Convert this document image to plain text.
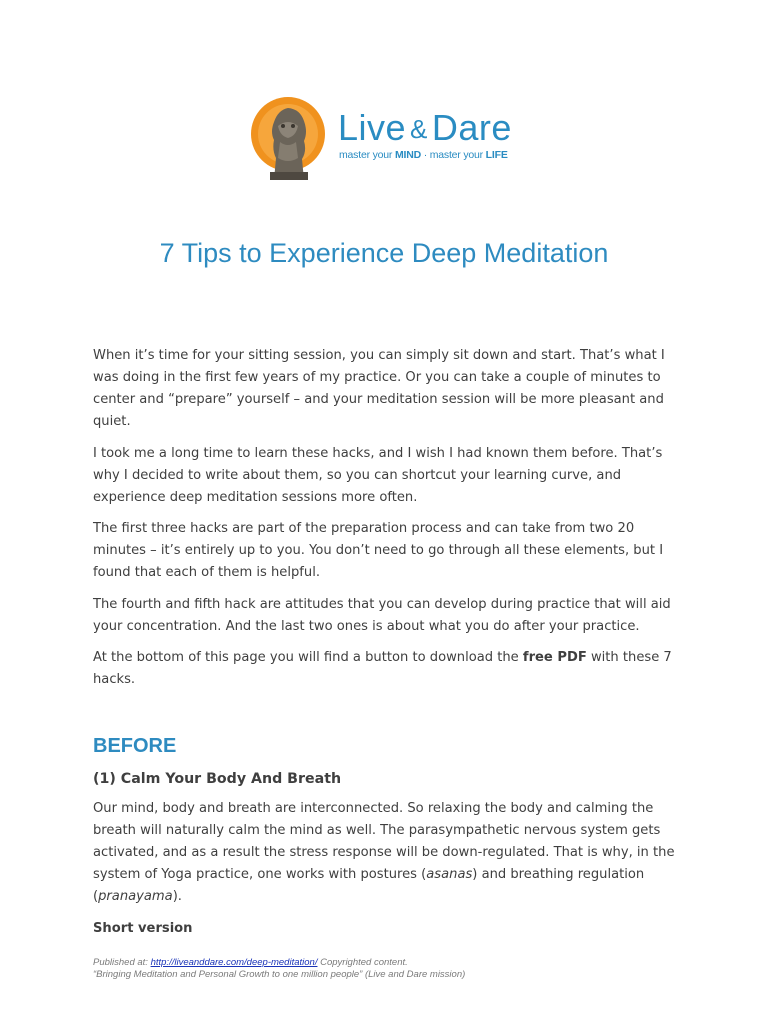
Live & Dare
master your MIND · master your LIFE
7 Tips to Experience Deep Meditation

When it’s time for your sitting session, you can simply sit down and start. That’s what I was doing in the first few years of my practice. Or you can take a couple of minutes to center and “prepare” yourself – and your meditation session will be more pleasant and quiet.

I took me a long time to learn these hacks, and I wish I had known them before. That’s why I decided to write about them, so you can shortcut your learning curve, and experience deep meditation sessions more often.

The first three hacks are part of the preparation process and can take from two 20 minutes – it’s entirely up to you. You don’t need to go through all these elements, but I found that each of them is helpful.

The fourth and fifth hack are attitudes that you can develop during practice that will aid your concentration. And the last two ones is about what you do after your practice.

At the bottom of this page you will find a button to download the free PDF with these 7 hacks.

BEFORE
(1) Calm Your Body And Breath

Our mind, body and breath are interconnected. So relaxing the body and calming the breath will naturally calm the mind as well. The parasympathetic nervous system gets activated, and as a result the stress response will be down-regulated. That is why, in the system of Yoga practice, one works with postures (asanas) and breathing regulation (pranayama).

Short version

Published at: http://liveanddare.com/deep-meditation/ Copyrighted content.
“Bringing Meditation and Personal Growth to one million people” (Live and Dare mission)
